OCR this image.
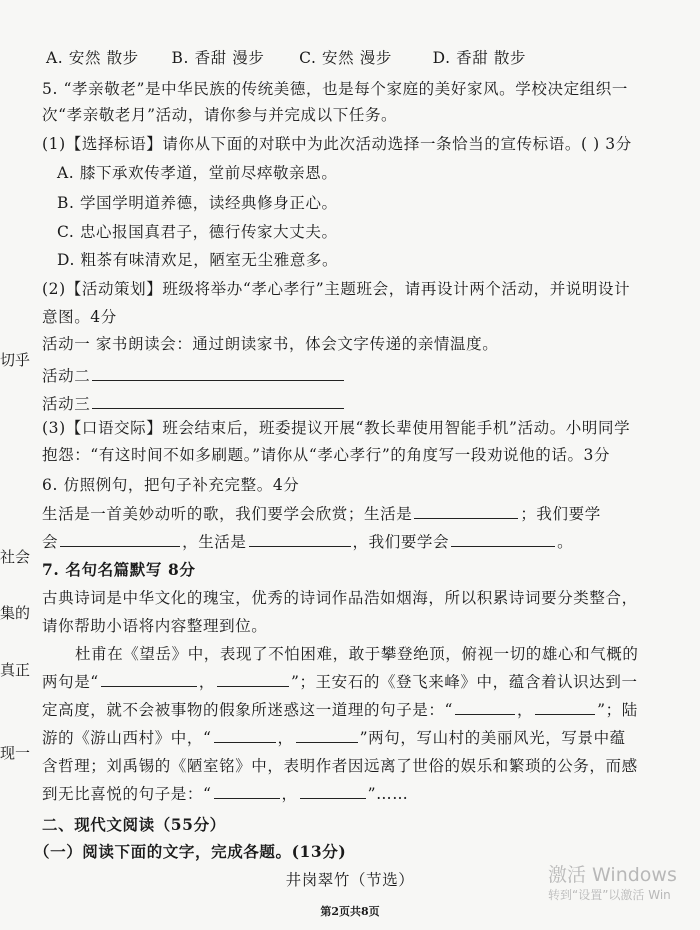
A. 安然 散步 B. 香甜 漫步 C. 安然 漫步	D. 香甜 散步
5. “孝亲敬老”是中华民族的传统美德，也是每个家庭的美好家风。学校决定组织一
次“孝亲敬老月”活动，请你参与并完成以下任务。
(1)【选择标语】请你从下面的对联中为此次活动选择一条恰当的宣传标语。( ) 3分
A. 膝下承欢传孝道，堂前尽瘁敬亲恩。
B. 学国学明道养德，读经典修身正心。
C. 忠心报国真君子，德行传家大丈夫。
D. 粗茶有味清欢足，陋室无尘雅意多。
(2)【活动策划】班级将举办“孝心孝行”主题班会，请再设计两个活动，并说明设计
意图。4分
活动一 家书朗读会：通过朗读家书，体会文字传递的亲情温度。
活动二
活动三
(3)【口语交际】班会结束后，班委提议开展“教长辈使用智能手机”活动。小明同学
抱怨：“有这时间不如多刷题。”请你从“孝心孝行”的角度写一段劝说他的话。3分
6. 仿照例句，把句子补充完整。4分
生活是一首美妙动听的歌，我们要学会欣赏；生活是	；我们要学
会	，生活是	，我们要学会	。
7. 名句名篇默写 8分
古典诗词是中华文化的瑰宝，优秀的诗词作品浩如烟海，所以积累诗词要分类整合，
请你帮助小语将内容整理到位。
杜甫在《望岳》中，表现了不怕困难，敢于攀登绝顶，俯视一切的雄心和气概的
两句是“	，	”；王安石的《登飞来峰》中，蕴含着认识达到一
定高度，就不会被事物的假象所迷惑这一道理的句子是：“	，	”；陆
游的《游山西村》中，“	，	”两句，写山村的美丽风光，写景中蕴
含哲理；刘禹锡的《陋室铭》中，表明作者因远离了世俗的娱乐和繁琐的公务，而感
到无比喜悦的句子是：“	，	”……
二、现代文阅读（55分）
（一）阅读下面的文字，完成各题。(13分)
井岗翠竹（节选）
切乎
社会
集的
真正
现一
第2页共8页
激活 Windows
转到“设置”以激活 Win
